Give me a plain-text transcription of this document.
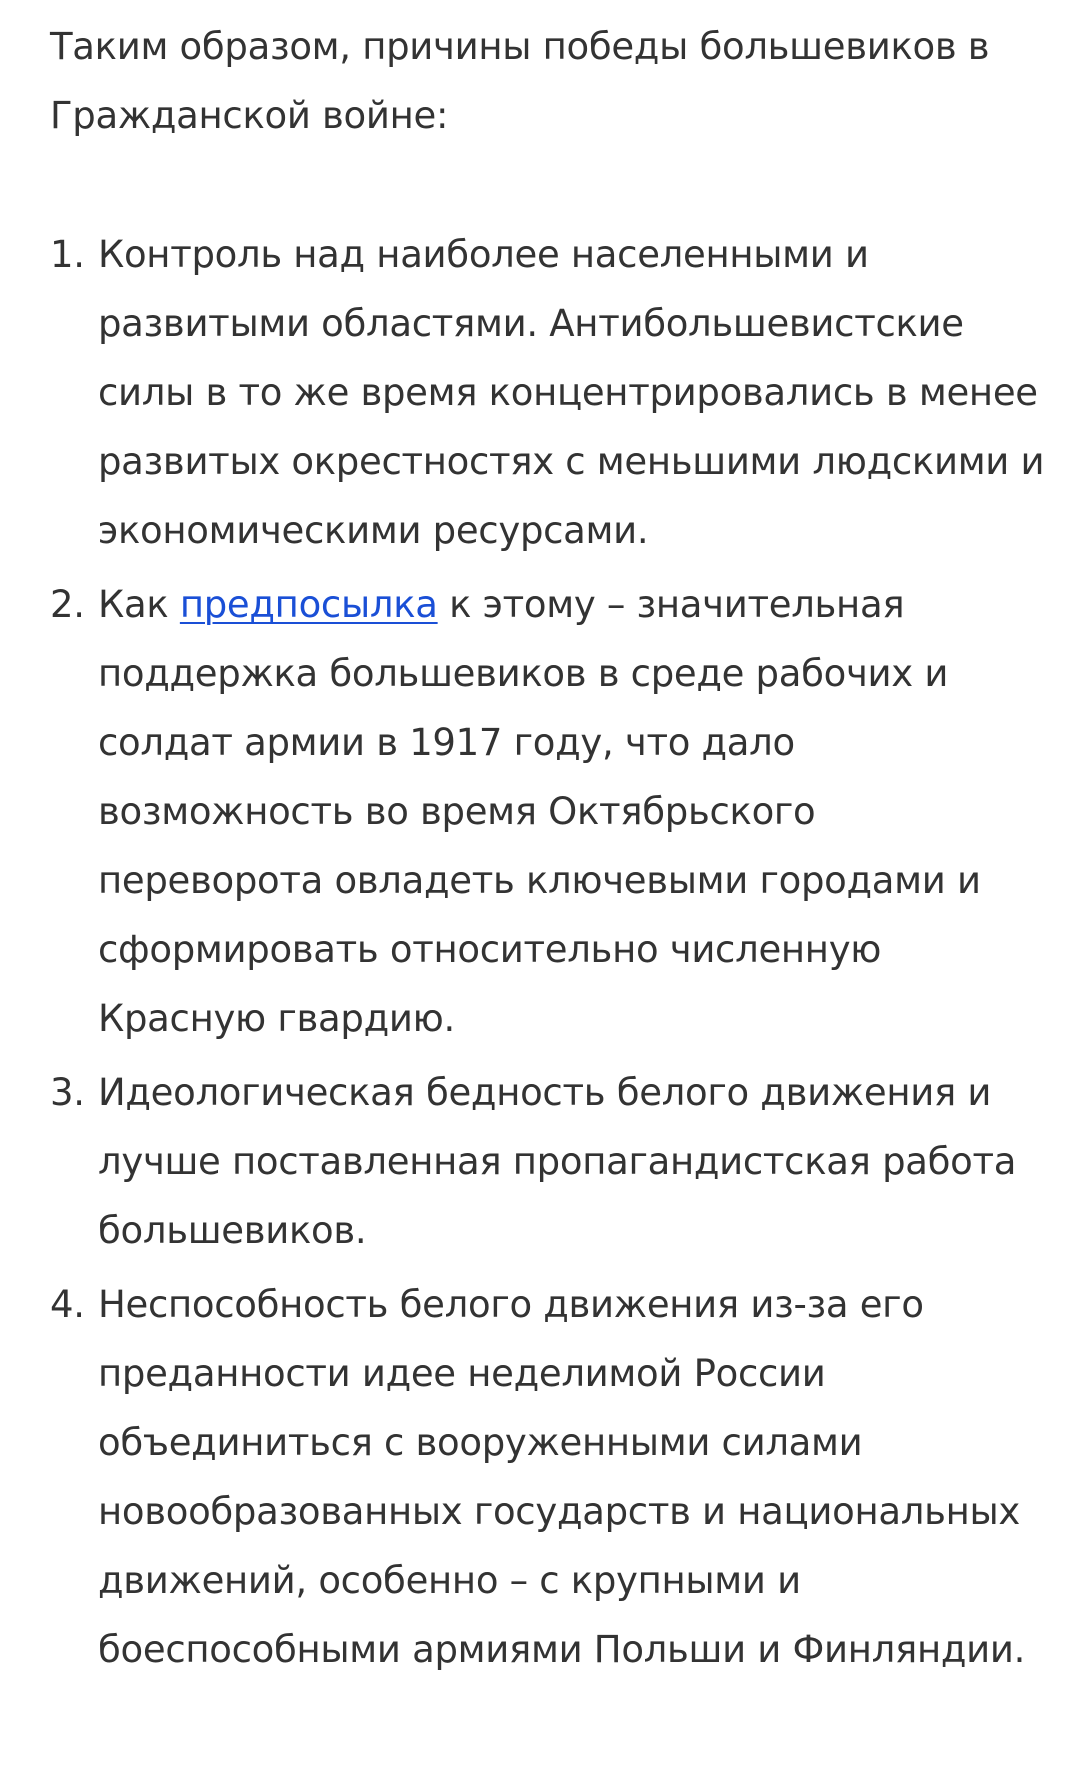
Таким образом, причины победы большевиков в Гражданской войне:

1. Контроль над наиболее населенными и развитыми областями. Антибольшевистские силы в то же время концентрировались в менее развитых окрестностях с меньшими людскими и экономическими ресурсами.
2. Как предпосылка к этому – значительная поддержка большевиков в среде рабочих и солдат армии в 1917 году, что дало возможность во время Октябрьского переворота овладеть ключевыми городами и сформировать относительно численную Красную гвардию.
3. Идеологическая бедность белого движения и лучше поставленная пропагандистская работа большевиков.
4. Неспособность белого движения из-за его преданности идее неделимой России объединиться с вооруженными силами новообразованных государств и национальных движений, особенно – с крупными и боеспособными армиями Польши и Финляндии.
